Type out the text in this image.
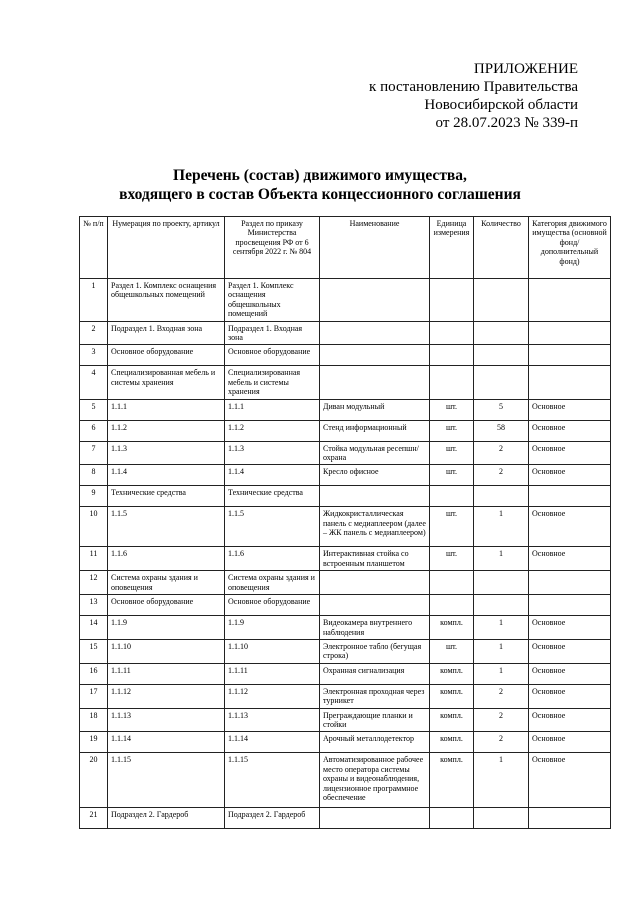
ПРИЛОЖЕНИЕ
к постановлению Правительства
Новосибирской области
от 28.07.2023 № 339-п
Перечень (состав) движимого имущества,
входящего в состав Объекта концессионного соглашения
№ п/п	Нумерация по проекту, артикул	Раздел по приказу Министерства просвещения РФ от 6 сентября 2022 г. № 804	Наименование	Единица измерения	Количество	Категория движимого имущества (основной фонд/ дополнительный фонд)
1	Раздел 1. Комплекс оснащения общешкольных помещений	Раздел 1. Комплекс оснащения общешкольных помещений				
2	Подраздел 1. Входная зона	Подраздел 1. Входная зона				
3	Основное оборудование	Основное оборудование				
4	Специализированная мебель и системы хранения	Специализированная мебель и системы хранения				
5	1.1.1	1.1.1	Диван модульный	шт.	5	Основное
6	1.1.2	1.1.2	Стенд информационный	шт.	58	Основное
7	1.1.3	1.1.3	Стойка модульная ресепшн/охрана	шт.	2	Основное
8	1.1.4	1.1.4	Кресло офисное	шт.	2	Основное
9	Технические средства	Технические средства				
10	1.1.5	1.1.5	Жидкокристаллическая панель с медиаплеером (далее – ЖК панель с медиаплеером)	шт.	1	Основное
11	1.1.6	1.1.6	Интерактивная стойка со встроенным планшетом	шт.	1	Основное
12	Система охраны здания и оповещения	Система охраны здания и оповещения				
13	Основное оборудование	Основное оборудование				
14	1.1.9	1.1.9	Видеокамера внутреннего наблюдения	компл.	1	Основное
15	1.1.10	1.1.10	Электронное табло (бегущая строка)	шт.	1	Основное
16	1.1.11	1.1.11	Охранная сигнализация	компл.	1	Основное
17	1.1.12	1.1.12	Электронная проходная через турникет	компл.	2	Основное
18	1.1.13	1.1.13	Преграждающие планки и стойки	компл.	2	Основное
19	1.1.14	1.1.14	Арочный металлодетектор	компл.	2	Основное
20	1.1.15	1.1.15	Автоматизированное рабочее место оператора системы охраны и видеонаблюдения, лицензионное программное обеспечение	компл.	1	Основное
21	Подраздел 2. Гардероб	Подраздел 2. Гардероб				
